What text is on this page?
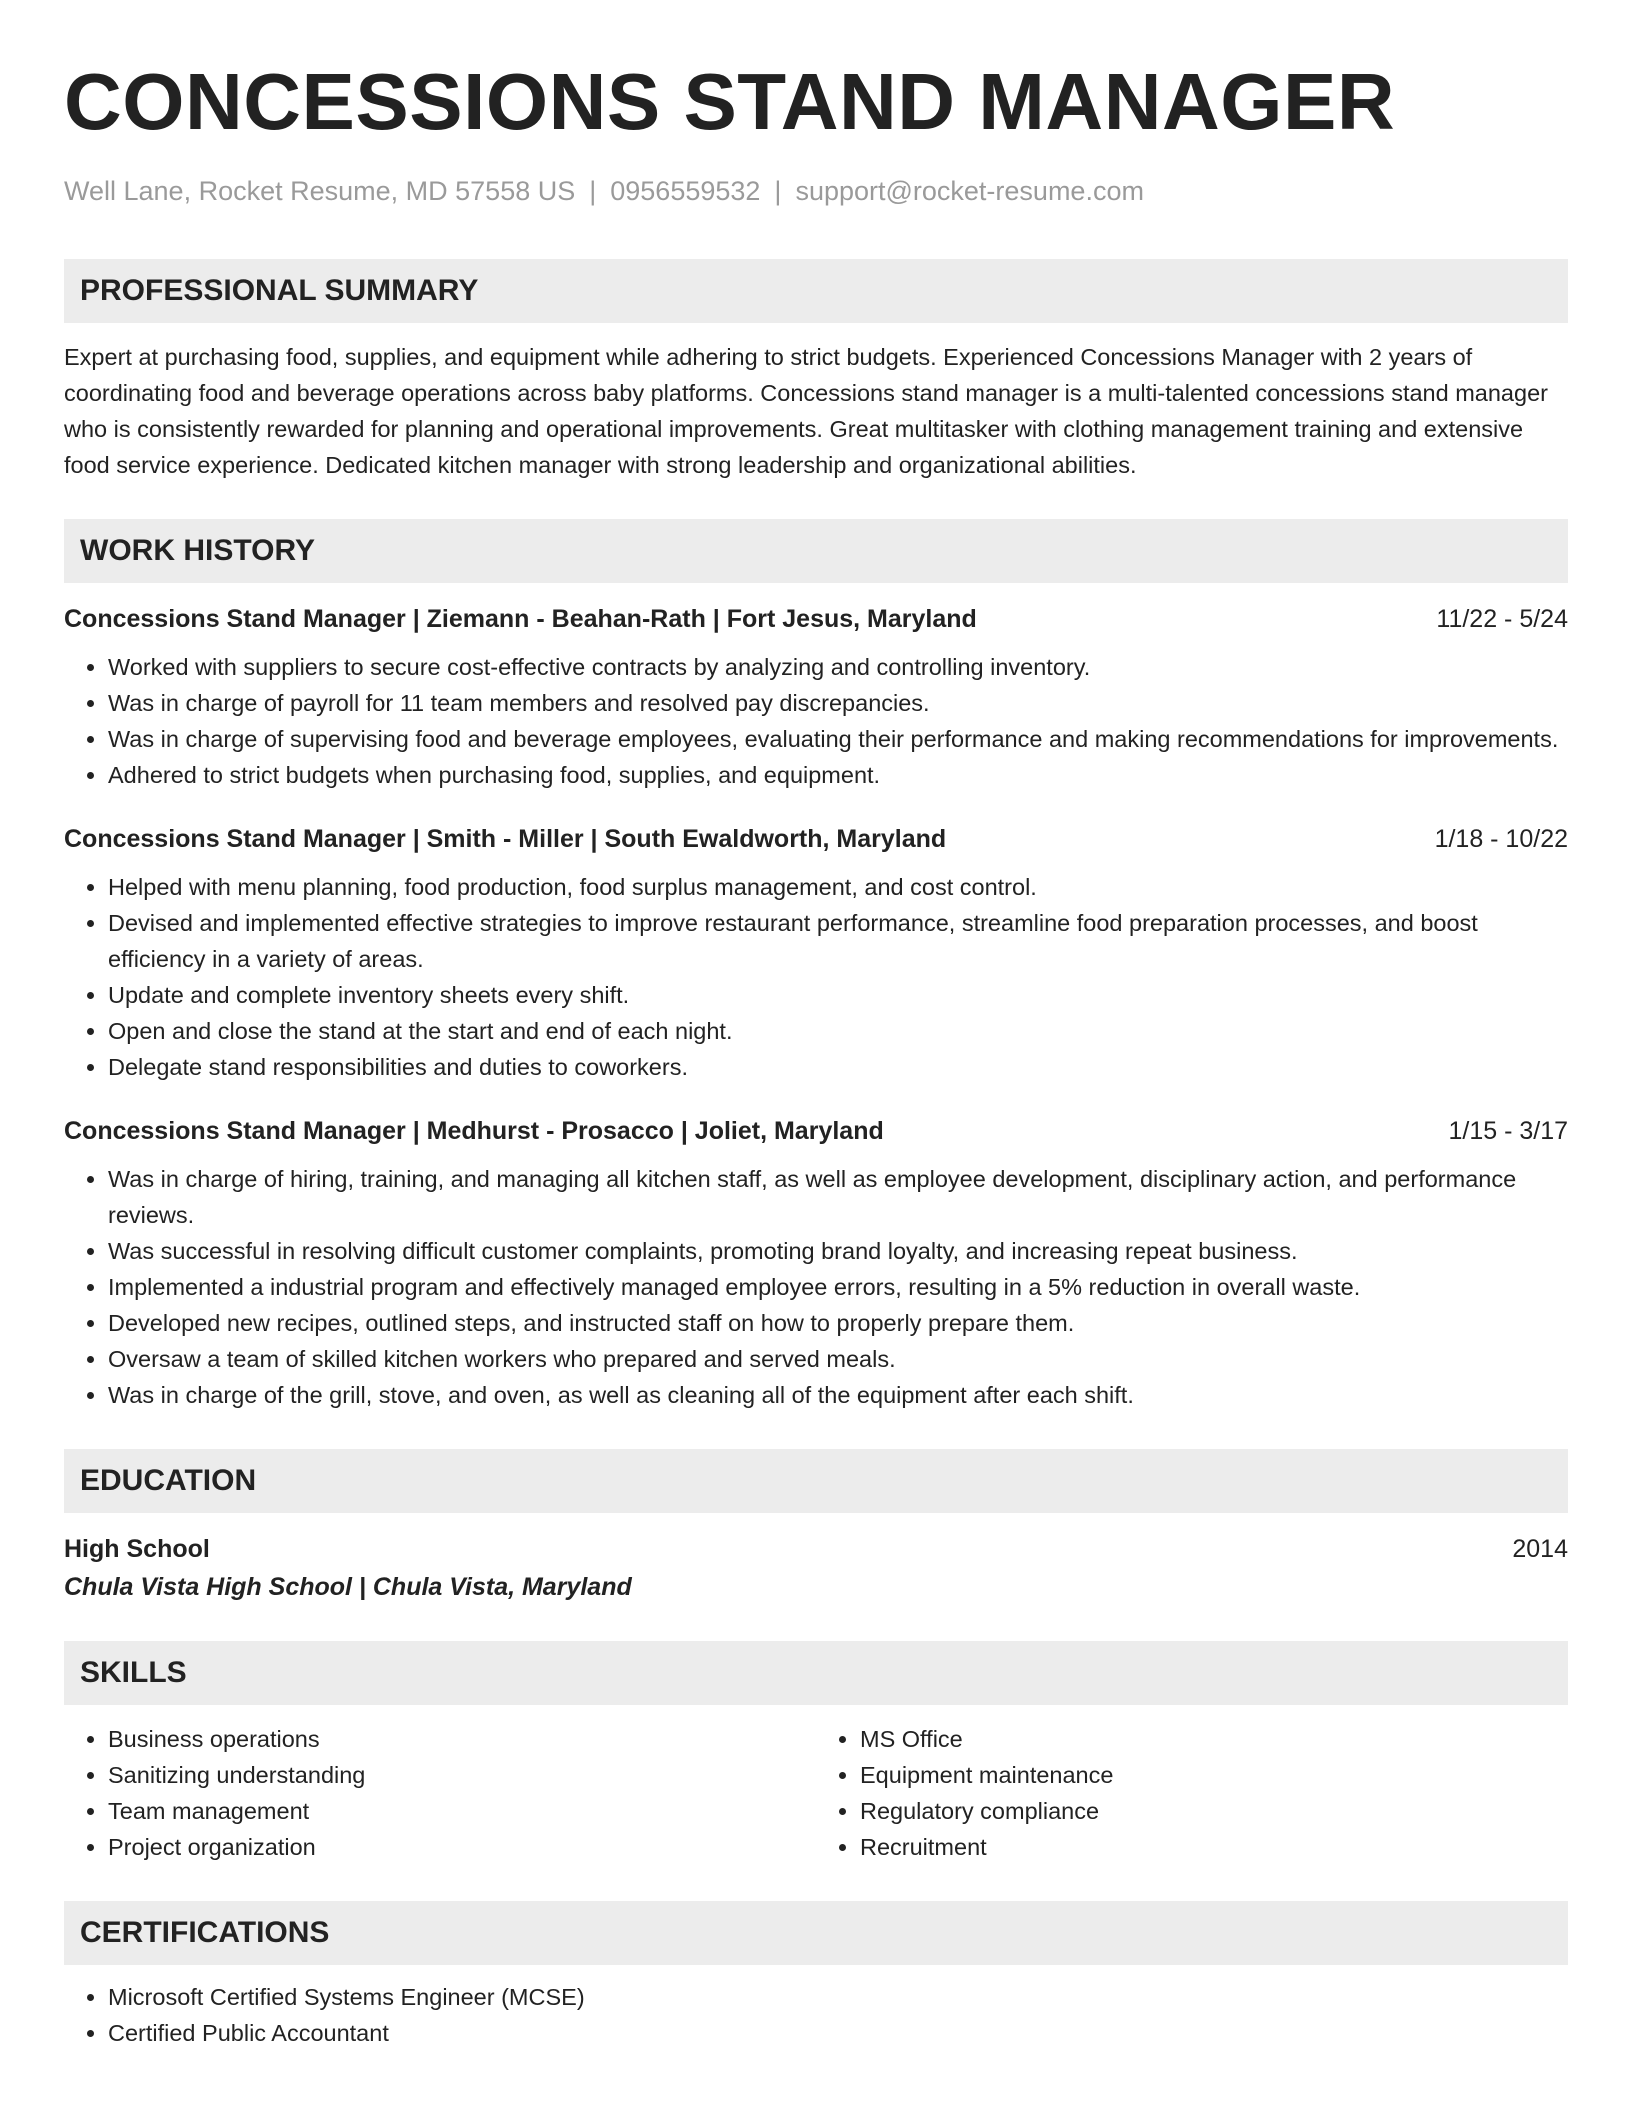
CONCESSIONS STAND MANAGER
Well Lane, Rocket Resume, MD 57558 US | 0956559532 | support@rocket-resume.com
PROFESSIONAL SUMMARY
Expert at purchasing food, supplies, and equipment while adhering to strict budgets. Experienced Concessions Manager with 2 years of coordinating food and beverage operations across baby platforms. Concessions stand manager is a multi-talented concessions stand manager who is consistently rewarded for planning and operational improvements. Great multitasker with clothing management training and extensive food service experience. Dedicated kitchen manager with strong leadership and organizational abilities.
WORK HISTORY
Concessions Stand Manager | Ziemann - Beahan-Rath | Fort Jesus, Maryland	11/22 - 5/24
• Worked with suppliers to secure cost-effective contracts by analyzing and controlling inventory.
• Was in charge of payroll for 11 team members and resolved pay discrepancies.
• Was in charge of supervising food and beverage employees, evaluating their performance and making recommendations for improvements.
• Adhered to strict budgets when purchasing food, supplies, and equipment.
Concessions Stand Manager | Smith - Miller | South Ewaldworth, Maryland	1/18 - 10/22
• Helped with menu planning, food production, food surplus management, and cost control.
• Devised and implemented effective strategies to improve restaurant performance, streamline food preparation processes, and boost efficiency in a variety of areas.
• Update and complete inventory sheets every shift.
• Open and close the stand at the start and end of each night.
• Delegate stand responsibilities and duties to coworkers.
Concessions Stand Manager | Medhurst - Prosacco | Joliet, Maryland	1/15 - 3/17
• Was in charge of hiring, training, and managing all kitchen staff, as well as employee development, disciplinary action, and performance reviews.
• Was successful in resolving difficult customer complaints, promoting brand loyalty, and increasing repeat business.
• Implemented a industrial program and effectively managed employee errors, resulting in a 5% reduction in overall waste.
• Developed new recipes, outlined steps, and instructed staff on how to properly prepare them.
• Oversaw a team of skilled kitchen workers who prepared and served meals.
• Was in charge of the grill, stove, and oven, as well as cleaning all of the equipment after each shift.
EDUCATION
High School	2014
Chula Vista High School | Chula Vista, Maryland
SKILLS
• Business operations
• Sanitizing understanding
• Team management
• Project organization
• MS Office
• Equipment maintenance
• Regulatory compliance
• Recruitment
CERTIFICATIONS
• Microsoft Certified Systems Engineer (MCSE)
• Certified Public Accountant
